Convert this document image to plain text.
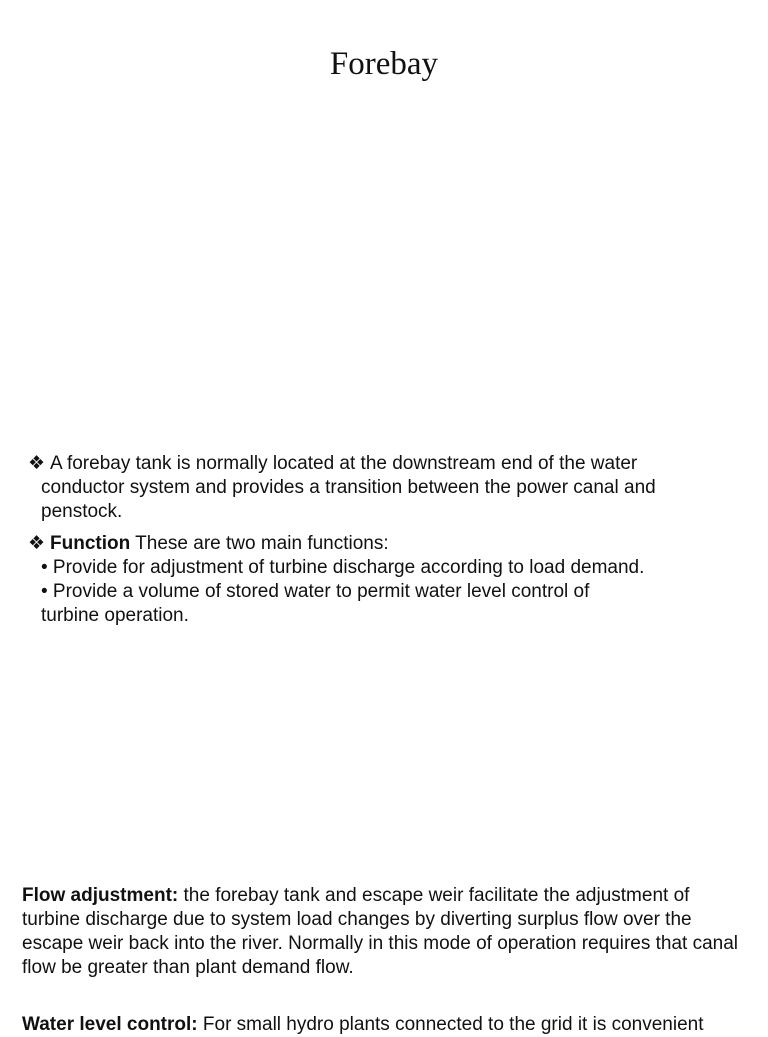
Forebay
❖ A forebay tank is normally located at the downstream end of the water
conductor system and provides a transition between the power canal and
penstock.
❖ Function These are two main functions:
• Provide for adjustment of turbine discharge according to load demand.
• Provide a volume of stored water to permit water level control of
turbine operation.
Flow adjustment: the forebay tank and escape weir facilitate the adjustment of turbine discharge due to system load changes by diverting surplus flow over the escape weir back into the river. Normally in this mode of operation requires that canal flow be greater than plant demand flow.
Water level control: For small hydro plants connected to the grid it is convenient
